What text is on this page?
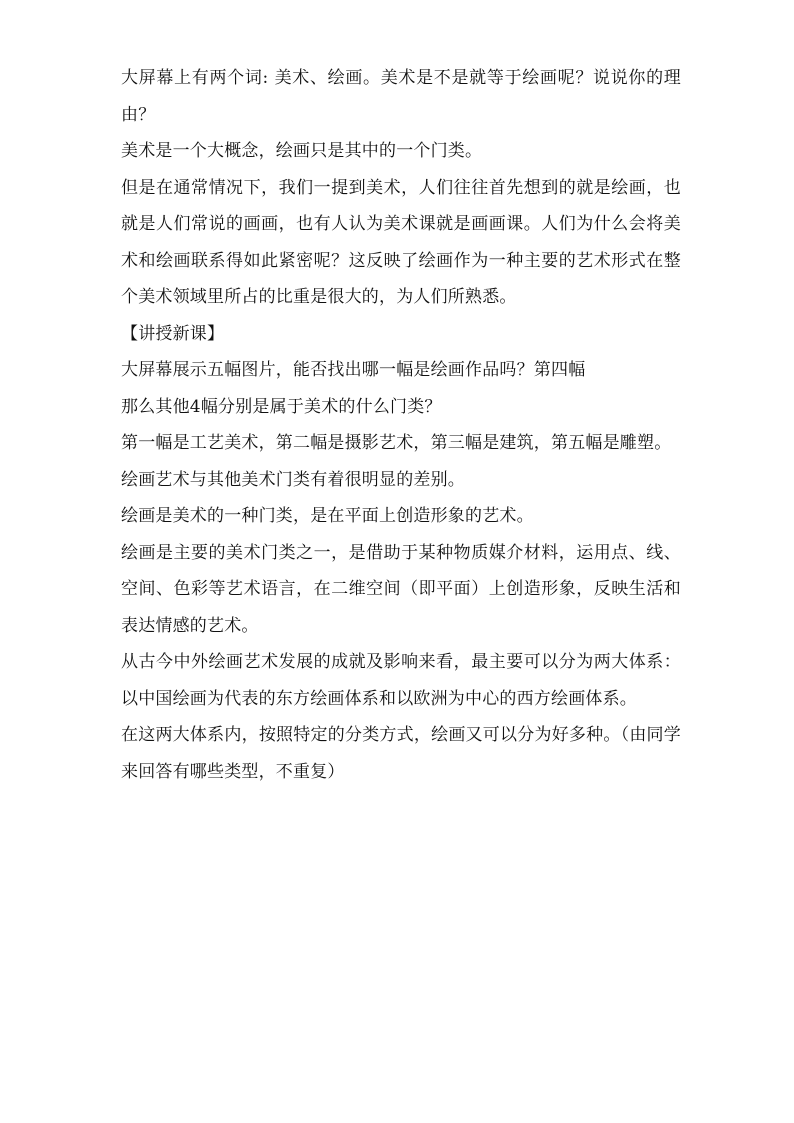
大屏幕上有两个词: 美术、绘画。美术是不是就等于绘画呢？说说你的理由？

美术是一个大概念，绘画只是其中的一个门类。

但是在通常情况下，我们一提到美术，人们往往首先想到的就是绘画，也就是人们常说的画画，也有人认为美术课就是画画课。人们为什么会将美术和绘画联系得如此紧密呢？这反映了绘画作为一种主要的艺术形式在整个美术领域里所占的比重是很大的，为人们所熟悉。

【讲授新课】

大屏幕展示五幅图片，能否找出哪一幅是绘画作品吗？第四幅

那么其他4幅分别是属于美术的什么门类？

第一幅是工艺美术，第二幅是摄影艺术，第三幅是建筑，第五幅是雕塑。

绘画艺术与其他美术门类有着很明显的差别。

绘画是美术的一种门类，是在平面上创造形象的艺术。

绘画是主要的美术门类之一，是借助于某种物质媒介材料，运用点、线、空间、色彩等艺术语言，在二维空间（即平面）上创造形象，反映生活和表达情感的艺术。

从古今中外绘画艺术发展的成就及影响来看，最主要可以分为两大体系：以中国绘画为代表的东方绘画体系和以欧洲为中心的西方绘画体系。

在这两大体系内，按照特定的分类方式，绘画又可以分为好多种。（由同学来回答有哪些类型，不重复）
